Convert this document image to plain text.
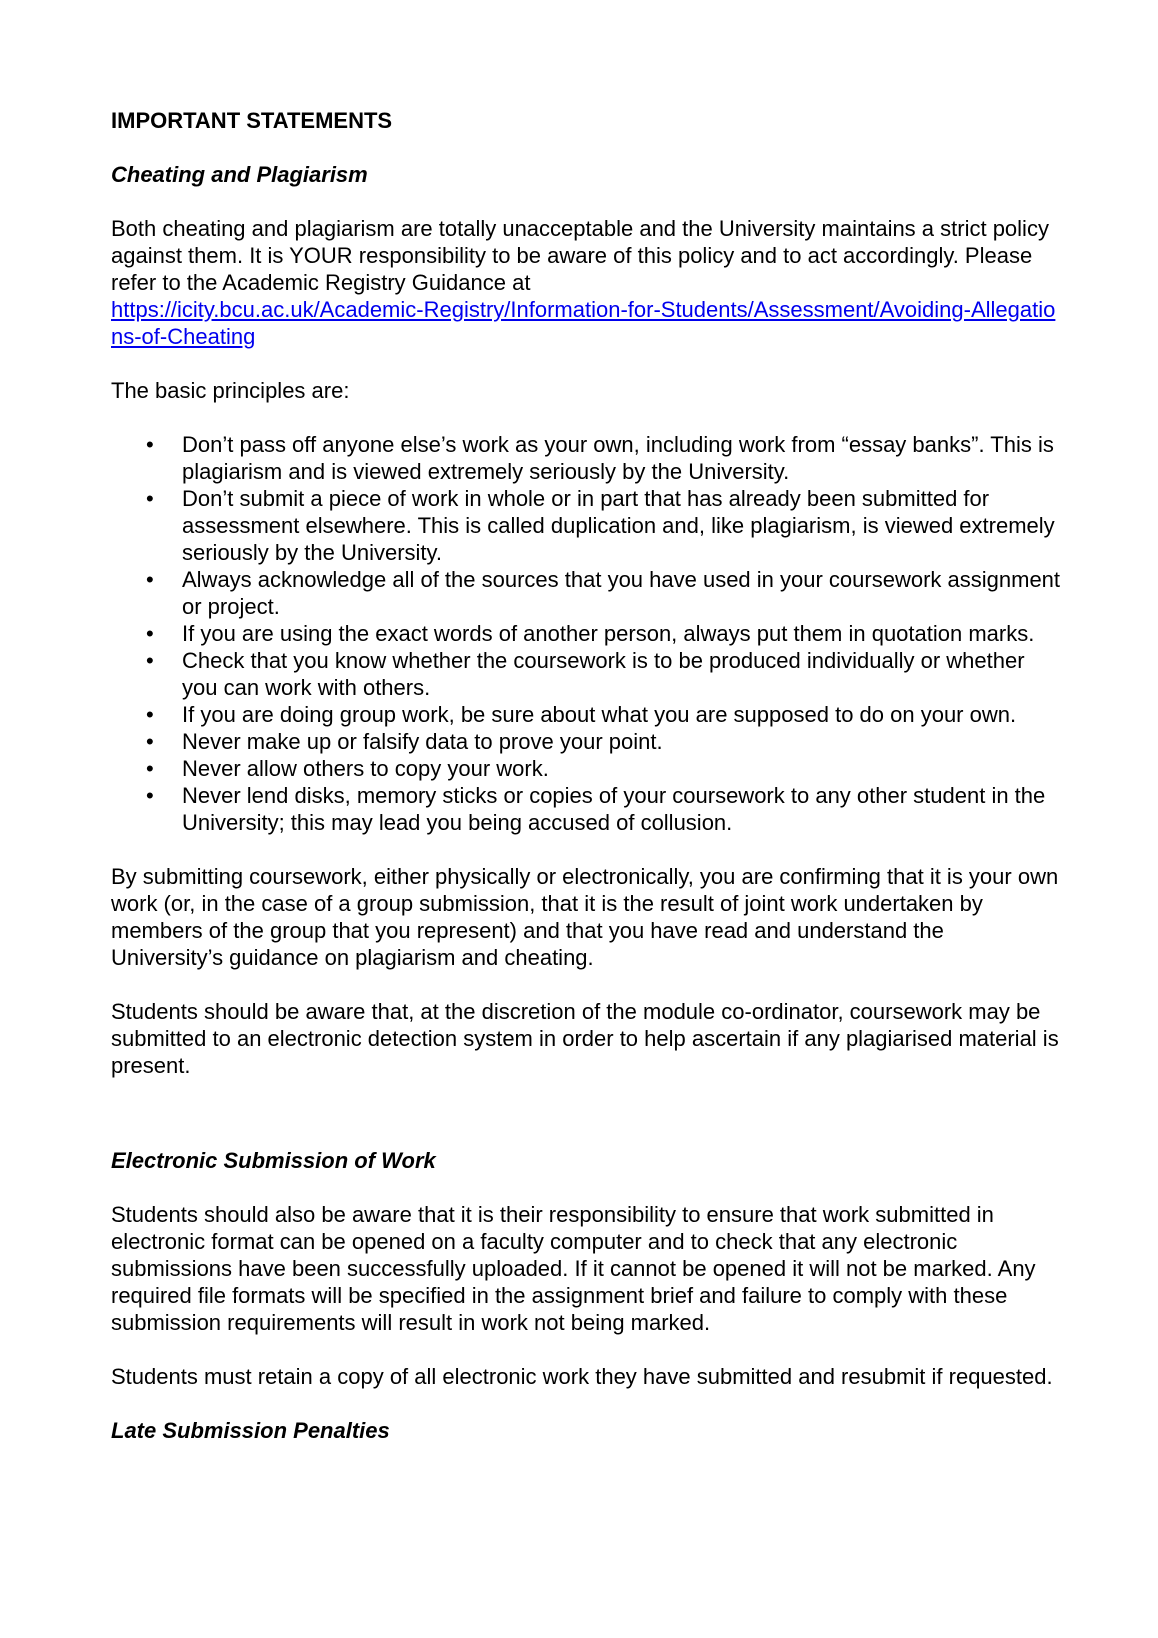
IMPORTANT STATEMENTS
Cheating and Plagiarism

Both cheating and plagiarism are totally unacceptable and the University maintains a strict policy against them. It is YOUR responsibility to be aware of this policy and to act accordingly. Please refer to the Academic Registry Guidance at
https://icity.bcu.ac.uk/Academic-Registry/Information-for-Students/Assessment/Avoiding-Allegations-of-Cheating

The basic principles are:

• Don’t pass off anyone else’s work as your own, including work from “essay banks”. This is plagiarism and is viewed extremely seriously by the University.
• Don’t submit a piece of work in whole or in part that has already been submitted for assessment elsewhere. This is called duplication and, like plagiarism, is viewed extremely seriously by the University.
• Always acknowledge all of the sources that you have used in your coursework assignment or project.
• If you are using the exact words of another person, always put them in quotation marks.
• Check that you know whether the coursework is to be produced individually or whether you can work with others.
• If you are doing group work, be sure about what you are supposed to do on your own.
• Never make up or falsify data to prove your point.
• Never allow others to copy your work.
• Never lend disks, memory sticks or copies of your coursework to any other student in the University; this may lead you being accused of collusion.

By submitting coursework, either physically or electronically, you are confirming that it is your own work (or, in the case of a group submission, that it is the result of joint work undertaken by members of the group that you represent) and that you have read and understand the University’s guidance on plagiarism and cheating.

Students should be aware that, at the discretion of the module co-ordinator, coursework may be submitted to an electronic detection system in order to help ascertain if any plagiarised material is present.

Electronic Submission of Work

Students should also be aware that it is their responsibility to ensure that work submitted in electronic format can be opened on a faculty computer and to check that any electronic submissions have been successfully uploaded. If it cannot be opened it will not be marked. Any required file formats will be specified in the assignment brief and failure to comply with these submission requirements will result in work not being marked.

Students must retain a copy of all electronic work they have submitted and resubmit if requested.

Late Submission Penalties
